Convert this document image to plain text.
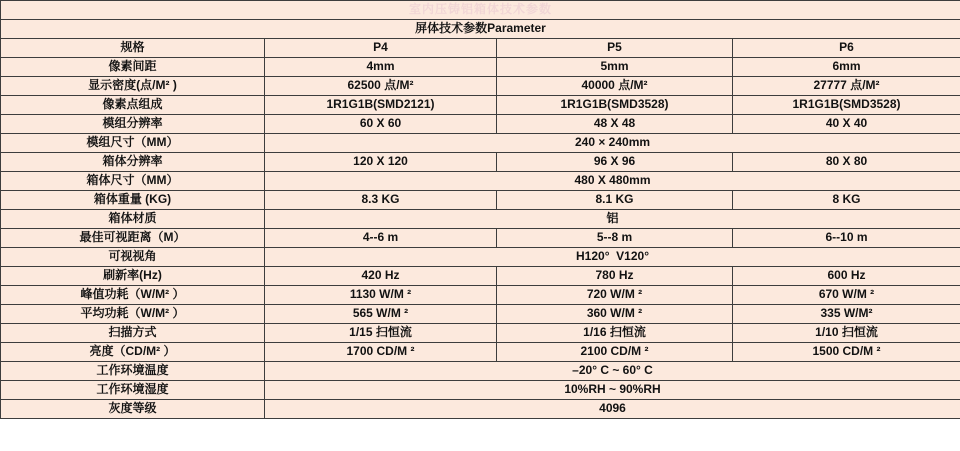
室内压铸铝箱体技术参数			
屏体技术参数Parameter			
规格	P4	P5	P6
像素间距	4mm	5mm	6mm
显示密度(点/M² )	62500 点/M²	40000 点/M²	27777 点/M²
像素点组成	1R1G1B(SMD2121)	1R1G1B(SMD3528)	1R1G1B(SMD3528)
模组分辨率	60 X 60	48 X 48	40 X 40
模组尺寸（MM）	240 × 240mm		
箱体分辨率	120 X 120	96 X 96	80 X 80
箱体尺寸（MM）	480 X 480mm		
箱体重量 (KG)	8.3 KG	8.1 KG	8 KG
箱体材质	铝		
最佳可视距离（M）	4--6 m	5--8 m	6--10 m
可视视角	H120°  V120°		
刷新率(Hz)	420 Hz	780 Hz	600 Hz
峰值功耗（W/M² ）	1130 W/M ²	720 W/M ²	670 W/M ²
平均功耗（W/M² ）	565 W/M ²	360 W/M ²	335 W/M²
扫描方式	1/15 扫恒流	1/16 扫恒流	1/10 扫恒流
亮度（CD/M² ）	1700 CD/M ²	2100 CD/M ²	1500 CD/M ²
工作环境温度	–20° C ~ 60° C		
工作环境湿度	10%RH ~ 90%RH		
灰度等级	4096		
